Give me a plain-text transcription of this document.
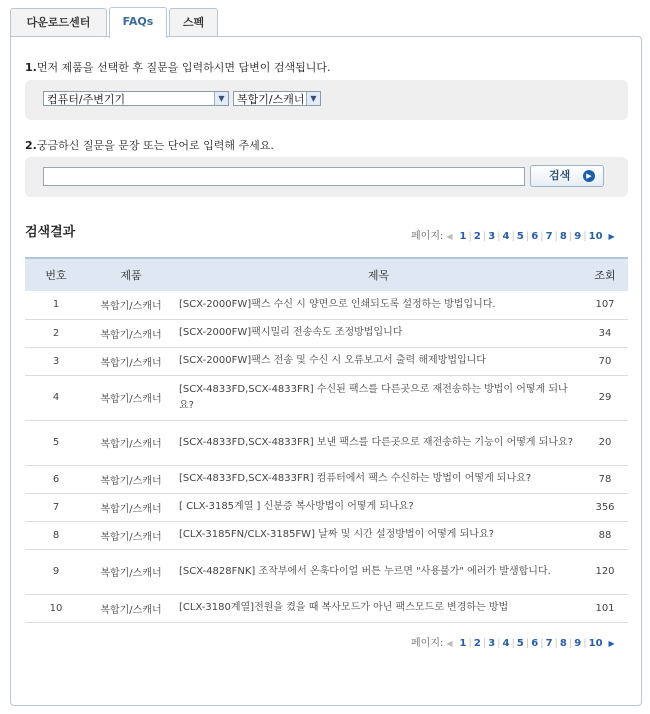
다운로드센터	FAQs	스펙
1.먼저 제품을 선택한 후 질문을 입력하시면 답변이 검색됩니다.
컴퓨터/주변기기	▼	복합기/스캐너 ▼
2.궁금하신 질문을 문장 또는 단어로 입력해 주세요.
검색	▶
검색결과	페이지: ◀ 1 | 2 | 3 | 4 | 5 | 6 | 7 | 8 | 9 | 10 ▶
번호	제품	제목	조회
1	복합기/스캐너	[SCX-2000FW]팩스 수신 시 양면으로 인쇄되도록 설정하는 방법입니다.	107
2	복합기/스캐너	[SCX-2000FW]팩시밀리 전송속도 조정방법입니다	34
3	복합기/스캐너	[SCX-2000FW]팩스 전송 및 수신 시 오류보고서 출력 해제방법입니다	70
4	복합기/스캐너	[SCX-4833FD,SCX-4833FR] 수신된 팩스를 다른곳으로 재전송하는 방법이 어떻게 되나요?	29
5	복합기/스캐너	[SCX-4833FD,SCX-4833FR] 보낸 팩스를 다른곳으로 재전송하는 기능이 어떻게 되나요?	20
6	복합기/스캐너	[SCX-4833FD,SCX-4833FR] 컴퓨터에서 팩스 수신하는 방법이 어떻게 되나요?	78
7	복합기/스캐너	[ CLX-3185계열 ] 신분증 복사방법이 어떻게 되나요?	356
8	복합기/스캐너	[CLX-3185FN/CLX-3185FW] 날짜 및 시간 설정방법이 어떻게 되나요?	88
9	복합기/스캐너	[SCX-4828FNK] 조작부에서 온훅다이얼 버튼 누르면 "사용불가" 에러가 발생합니다.	120
10	복합기/스캐너	[CLX-3180계열]전원을 켰을 때 복사모드가 아닌 팩스모드로 변경하는 방법	101
페이지: ◀ 1 | 2 | 3 | 4 | 5 | 6 | 7 | 8 | 9 | 10 ▶
